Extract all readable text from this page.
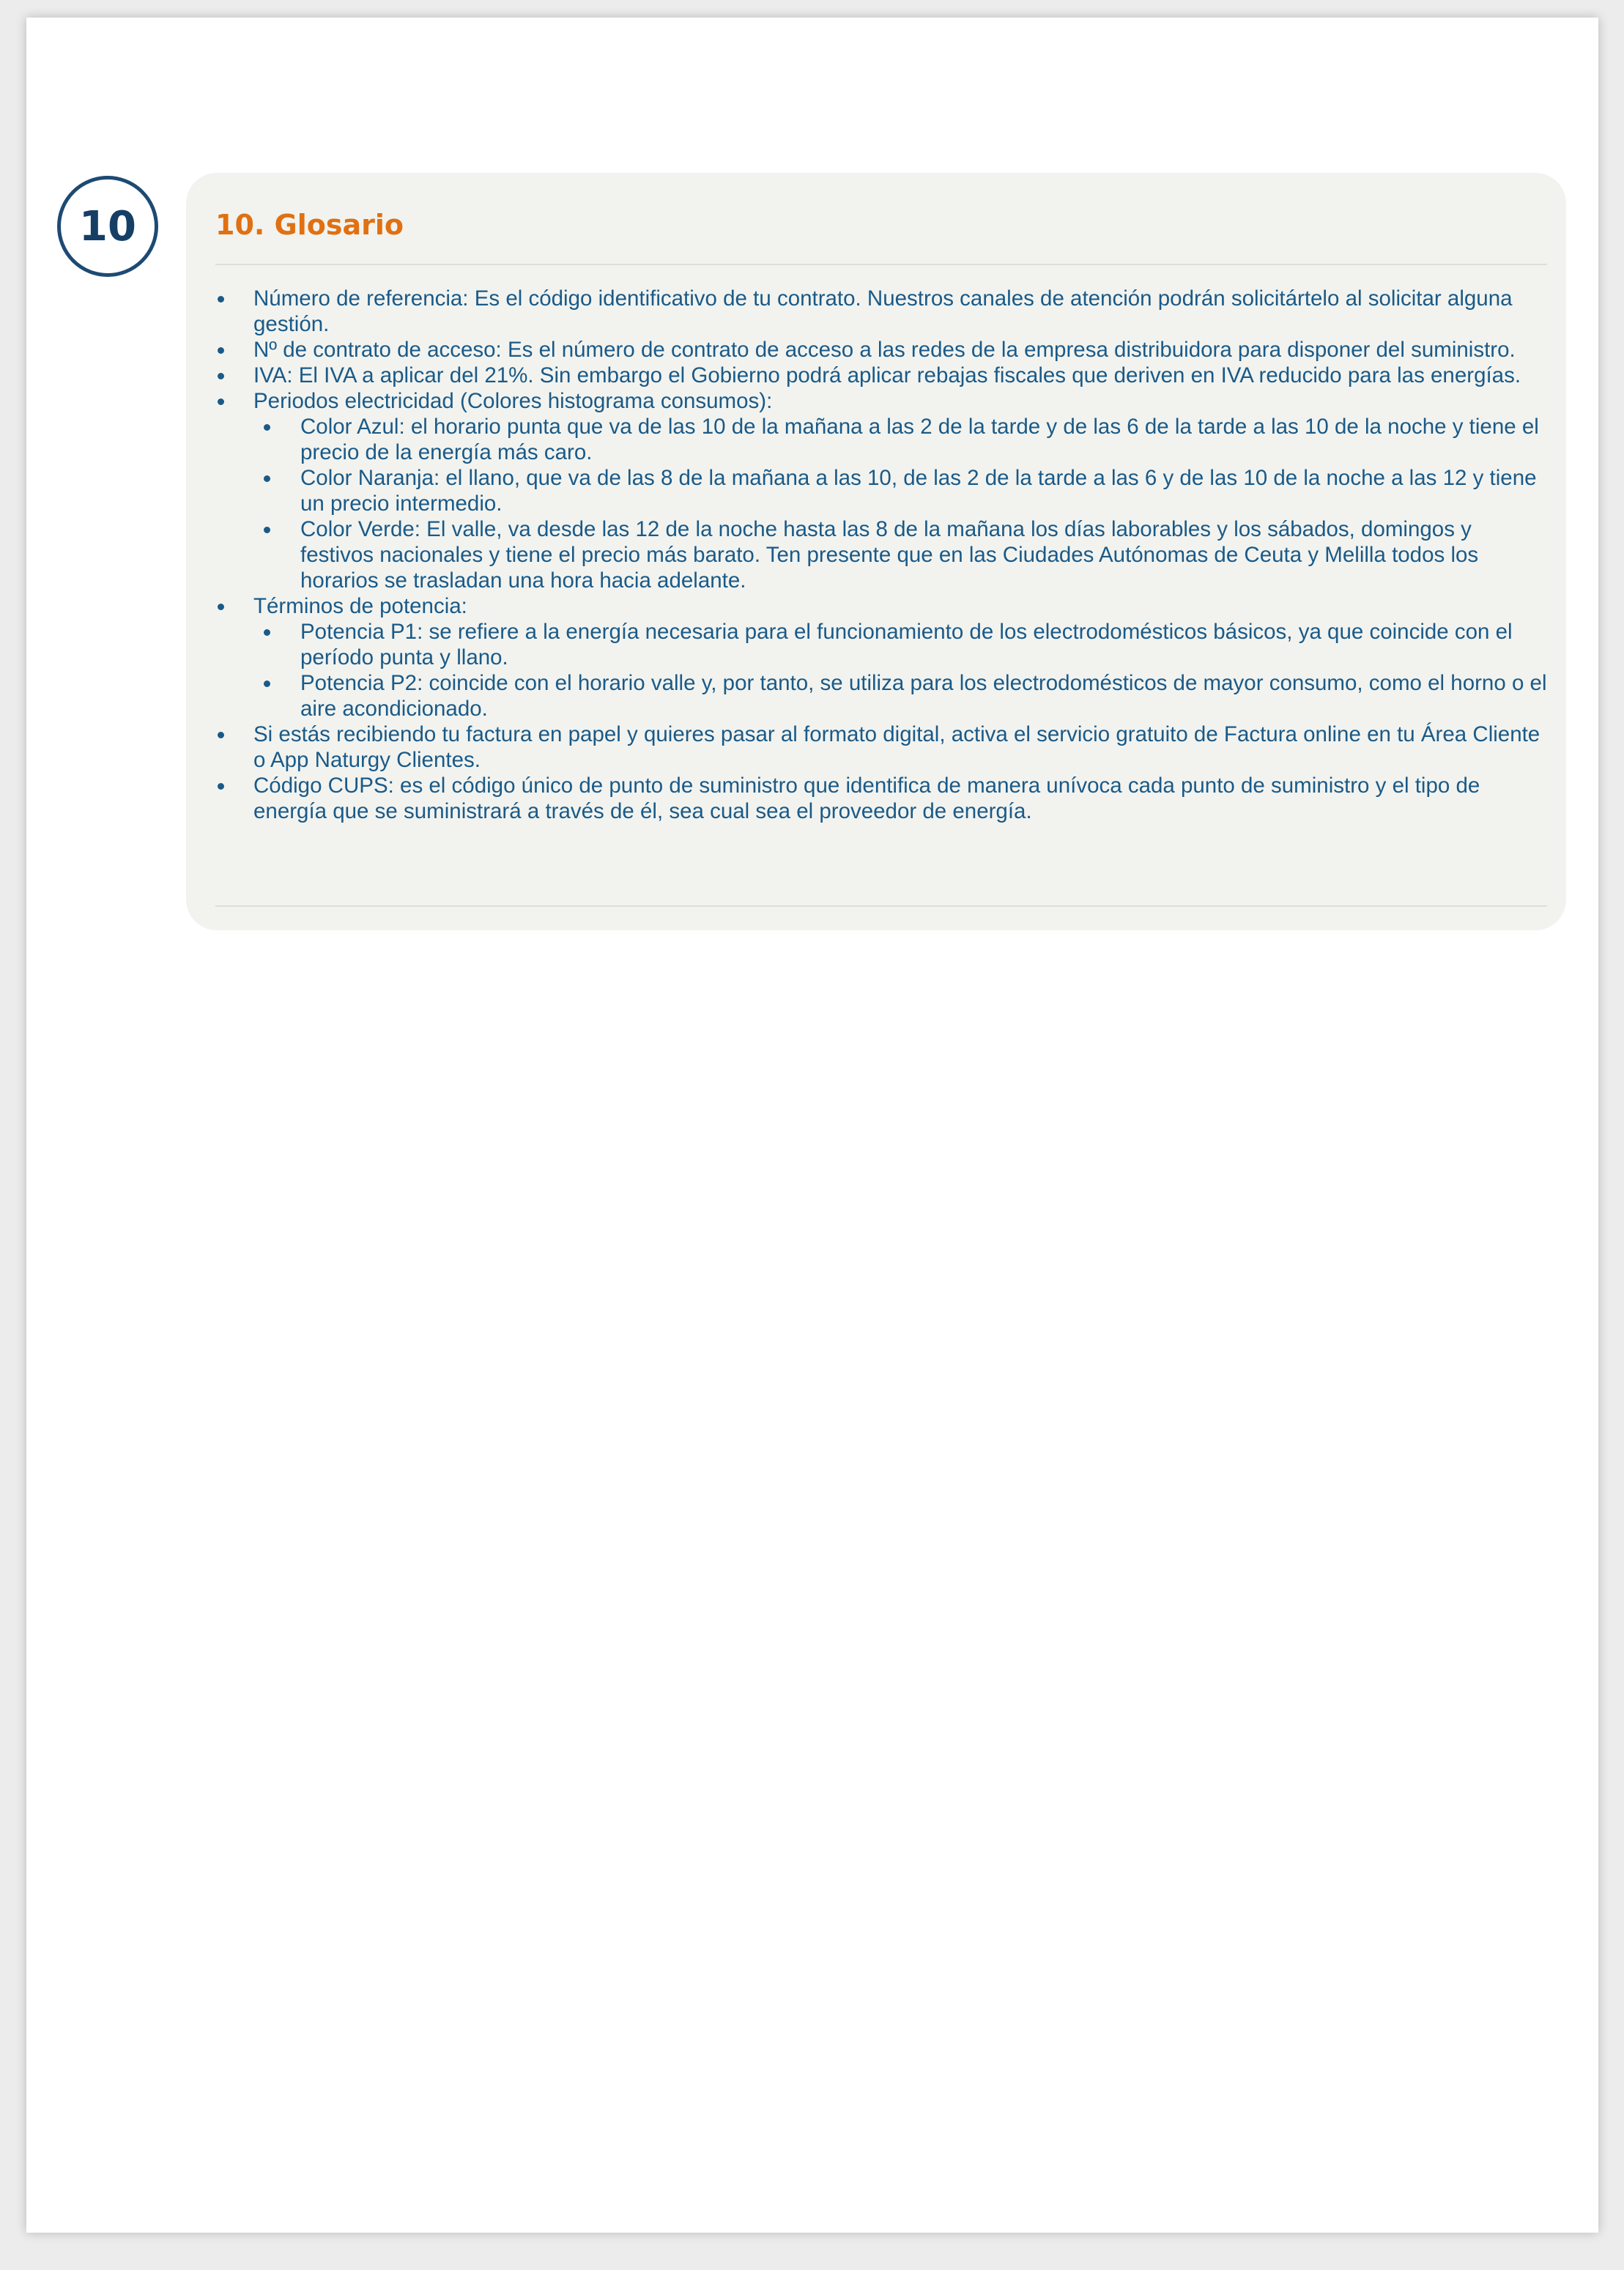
10	10. Glosario
Número de referencia: Es el código identificativo de tu contrato. Nuestros canales de atención podrán solicitártelo al solicitar alguna gestión.
Nº de contrato de acceso: Es el número de contrato de acceso a las redes de la empresa distribuidora para disponer del suministro.
IVA: El IVA a aplicar del 21%. Sin embargo el Gobierno podrá aplicar rebajas fiscales que deriven en IVA reducido para las energías.
Periodos electricidad (Colores histograma consumos):
Color Azul: el horario punta que va de las 10 de la mañana a las 2 de la tarde y de las 6 de la tarde a las 10 de la noche y tiene el precio de la energía más caro.
Color Naranja: el llano, que va de las 8 de la mañana a las 10, de las 2 de la tarde a las 6 y de las 10 de la noche a las 12 y tiene un precio intermedio.
Color Verde: El valle, va desde las 12 de la noche hasta las 8 de la mañana los días laborables y los sábados, domingos y festivos nacionales y tiene el precio más barato. Ten presente que en las Ciudades Autónomas de Ceuta y Melilla todos los horarios se trasladan una hora hacia adelante.
Términos de potencia:
Potencia P1: se refiere a la energía necesaria para el funcionamiento de los electrodomésticos básicos, ya que coincide con el período punta y llano.
Potencia P2: coincide con el horario valle y, por tanto, se utiliza para los electrodomésticos de mayor consumo, como el horno o el aire acondicionado.
Si estás recibiendo tu factura en papel y quieres pasar al formato digital, activa el servicio gratuito de Factura online en tu Área Cliente o App Naturgy Clientes.
Código CUPS: es el código único de punto de suministro que identifica de manera unívoca cada punto de suministro y el tipo de energía que se suministrará a través de él, sea cual sea el proveedor de energía.
